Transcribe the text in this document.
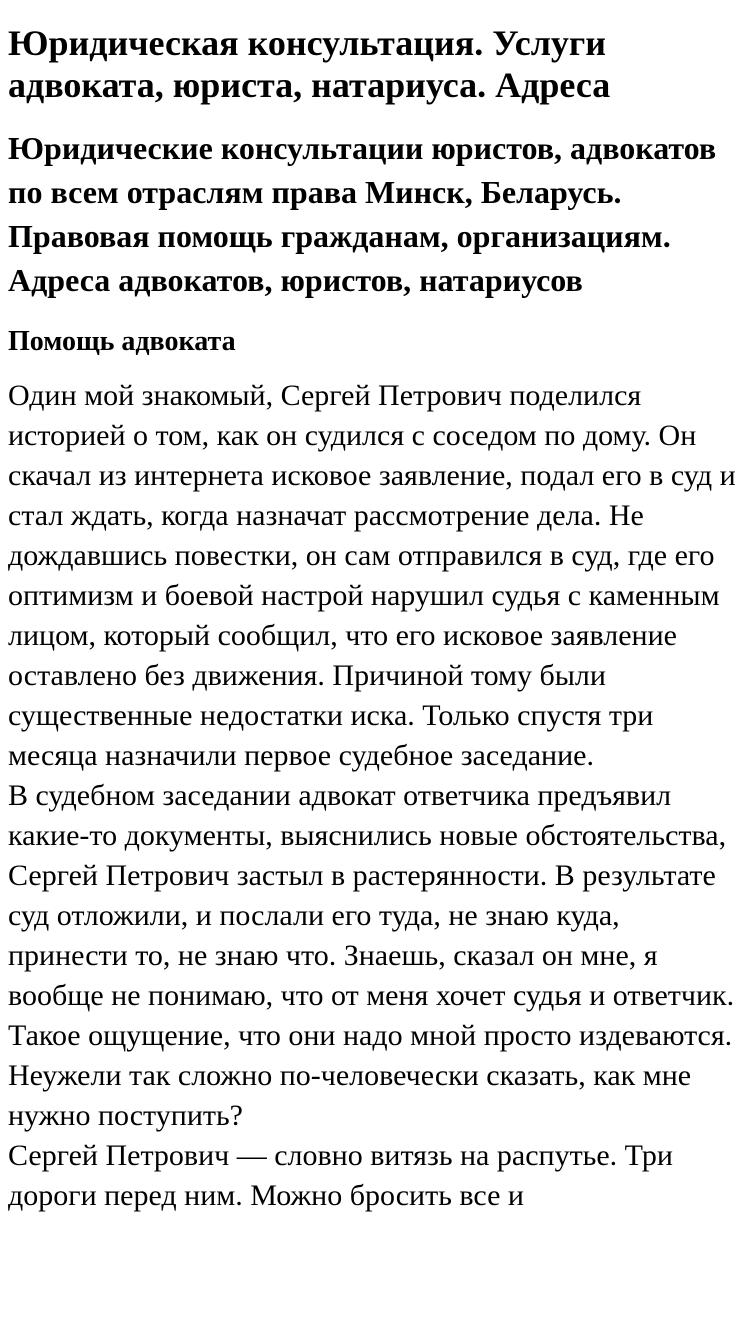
Юридическая консультация. Услуги адвоката, юриста, натариуса. Адреса
Юридические консультации юристов, адвокатов по всем отраслям права Минск, Беларусь. Правовая помощь гражданам, организациям. Адреса адвокатов, юристов, натариусов
Помощь адвоката
Один мой знакомый, Сергей Петрович поделился историей о том, как он судился с соседом по дому. Он скачал из интернета исковое заявление, подал его в суд и стал ждать, когда назначат рассмотрение дела. Не дождавшись повестки, он сам отправился в суд, где его оптимизм и боевой настрой нарушил судья с каменным лицом, который сообщил, что его исковое заявление оставлено без движения. Причиной тому были существенные недостатки иска. Только спустя три месяца назначили первое судебное заседание.
В судебном заседании адвокат ответчика предъявил какие-то документы, выяснились новые обстоятельства, Сергей Петрович застыл в растерянности. В результате суд отложили, и послали его туда, не знаю куда, принести то, не знаю что. Знаешь, сказал он мне, я вообще не понимаю, что от меня хочет судья и ответчик. Такое ощущение, что они надо мной просто издеваются. Неужели так сложно по-человечески сказать, как мне нужно поступить?
Сергей Петрович — словно витязь на распутье. Три дороги перед ним. Можно бросить все и
